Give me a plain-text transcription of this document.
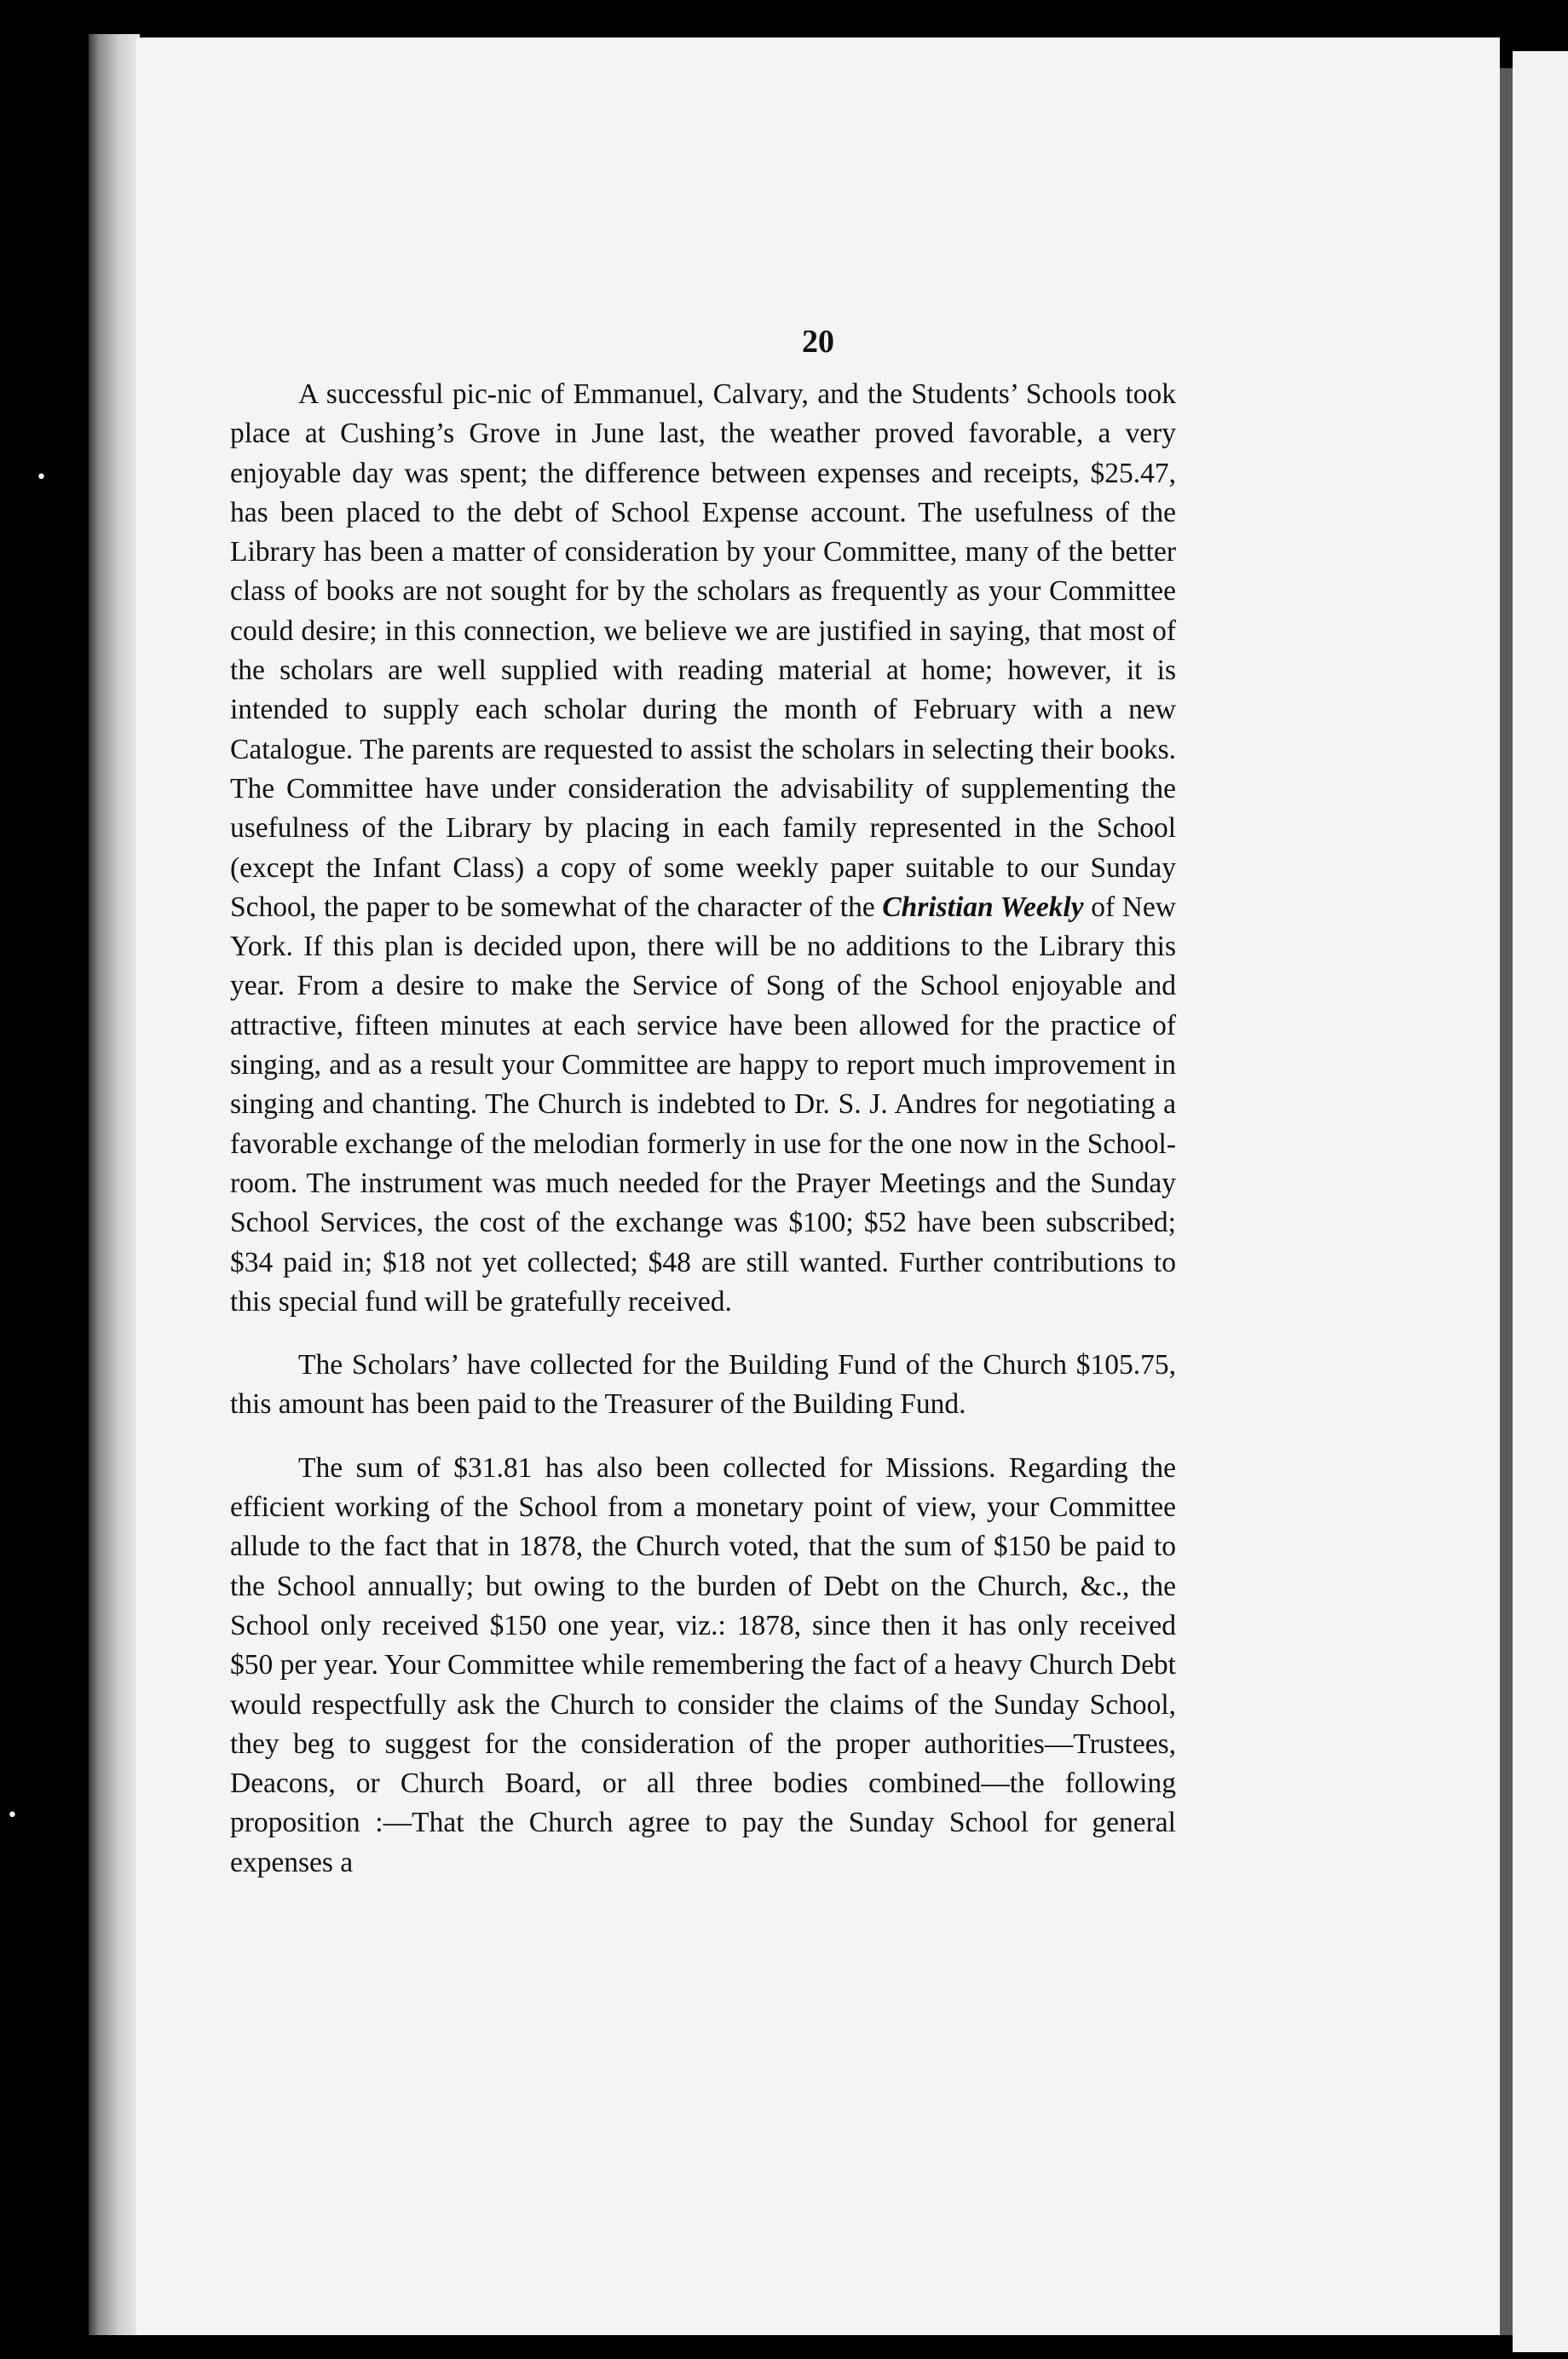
•
•
20

A successful pic-nic of Emmanuel, Calvary, and the Students’ Schools took place at Cushing’s Grove in June last, the weather proved favorable, a very enjoyable day was spent; the difference between expenses and receipts, $25.47, has been placed to the debt of School Expense account. The usefulness of the Library has been a matter of consideration by your Committee, many of the better class of books are not sought for by the scholars as frequently as your Committee could desire; in this connection, we believe we are justified in saying, that most of the scholars are well supplied with reading material at home; however, it is intended to supply each scholar during the month of February with a new Catalogue. The parents are requested to assist the scholars in selecting their books. The Committee have under consideration the advisability of supplementing the usefulness of the Library by placing in each family represented in the School (except the Infant Class) a copy of some weekly paper suitable to our Sunday School, the paper to be somewhat of the character of the Christian Weekly of New York. If this plan is decided upon, there will be no additions to the Library this year. From a desire to make the Service of Song of the School enjoyable and attractive, fifteen minutes at each service have been allowed for the practice of singing, and as a result your Committee are happy to report much improvement in singing and chanting. The Church is indebted to Dr. S. J. Andres for negotiating a favorable exchange of the melodian formerly in use for the one now in the School-room. The instrument was much needed for the Prayer Meetings and the Sunday School Services, the cost of the exchange was $100; $52 have been subscribed; $34 paid in; $18 not yet collected; $48 are still wanted. Further contributions to this special fund will be gratefully received.

The Scholars’ have collected for the Building Fund of the Church $105.75, this amount has been paid to the Treasurer of the Building Fund.

The sum of $31.81 has also been collected for Missions. Regarding the efficient working of the School from a monetary point of view, your Committee allude to the fact that in 1878, the Church voted, that the sum of $150 be paid to the School annually; but owing to the burden of Debt on the Church, &c., the School only received $150 one year, viz.: 1878, since then it has only received $50 per year. Your Committee while remembering the fact of a heavy Church Debt would respectfully ask the Church to consider the claims of the Sunday School, they beg to suggest for the consideration of the proper authorities—Trustees, Deacons, or Church Board, or all three bodies combined—the following proposition :—That the Church agree to pay the Sunday School for general expenses a
